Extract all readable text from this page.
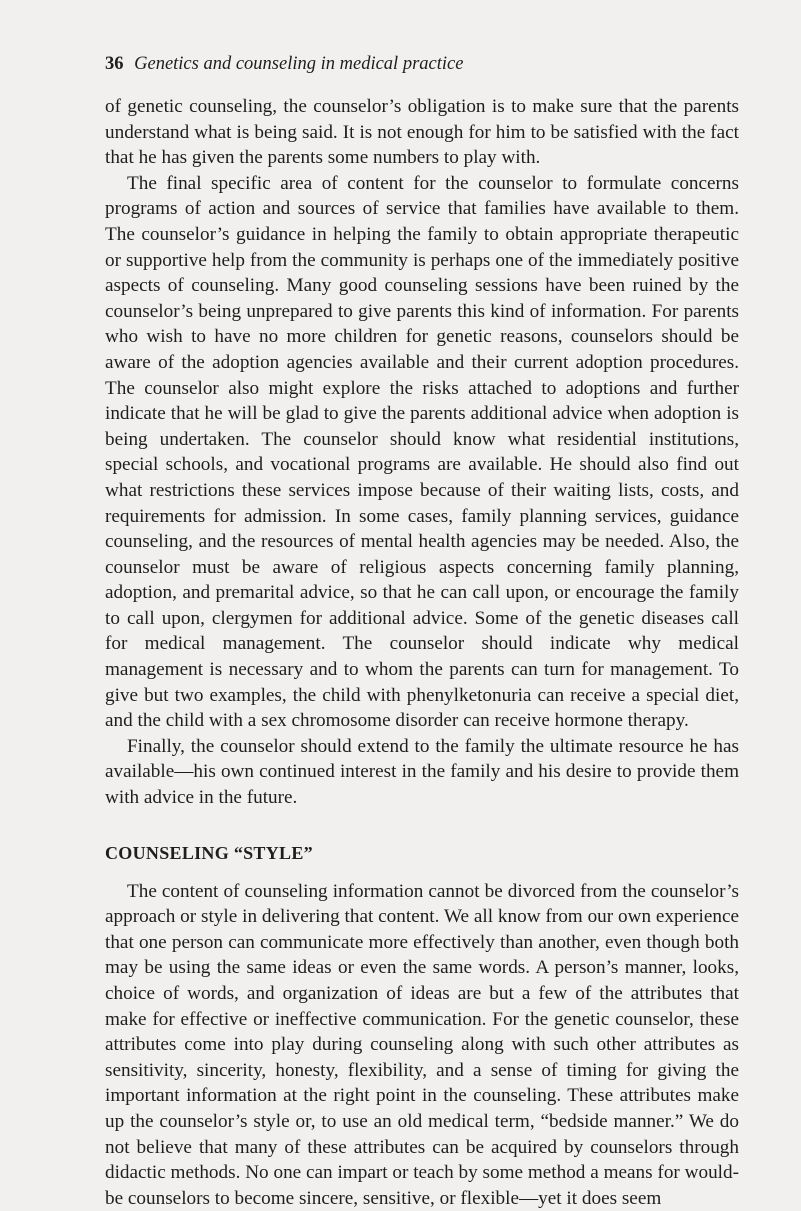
36 Genetics and counseling in medical practice

of genetic counseling, the counselor’s obligation is to make sure that the parents understand what is being said. It is not enough for him to be satisfied with the fact that he has given the parents some numbers to play with.

The final specific area of content for the counselor to formulate concerns programs of action and sources of service that families have available to them. The counselor’s guidance in helping the family to obtain appropriate therapeutic or supportive help from the community is perhaps one of the immediately positive aspects of counseling. Many good counseling sessions have been ruined by the counselor’s being unprepared to give parents this kind of information. For parents who wish to have no more children for genetic reasons, counselors should be aware of the adoption agencies available and their current adoption procedures. The counselor also might explore the risks attached to adoptions and further indicate that he will be glad to give the parents additional advice when adoption is being undertaken. The counselor should know what residential institutions, special schools, and vocational programs are available. He should also find out what restrictions these services impose because of their waiting lists, costs, and requirements for admission. In some cases, family planning services, guidance counseling, and the resources of mental health agencies may be needed. Also, the counselor must be aware of religious aspects concerning family planning, adoption, and premarital advice, so that he can call upon, or encourage the family to call upon, clergymen for additional advice. Some of the genetic diseases call for medical management. The counselor should indicate why medical management is necessary and to whom the parents can turn for management. To give but two examples, the child with phenylketonuria can receive a special diet, and the child with a sex chromosome disorder can receive hormone therapy.

Finally, the counselor should extend to the family the ultimate resource he has available—his own continued interest in the family and his desire to provide them with advice in the future.

COUNSELING “STYLE”

The content of counseling information cannot be divorced from the counselor’s approach or style in delivering that content. We all know from our own experience that one person can communicate more effectively than another, even though both may be using the same ideas or even the same words. A person’s manner, looks, choice of words, and organization of ideas are but a few of the attributes that make for effective or ineffective communication. For the genetic counselor, these attributes come into play during counseling along with such other attributes as sensitivity, sincerity, honesty, flexibility, and a sense of timing for giving the important information at the right point in the counseling. These attributes make up the counselor’s style or, to use an old medical term, “bedside manner.” We do not believe that many of these attributes can be acquired by counselors through didactic methods. No one can impart or teach by some method a means for would-be counselors to become sincere, sensitive, or flexible—yet it does seem
